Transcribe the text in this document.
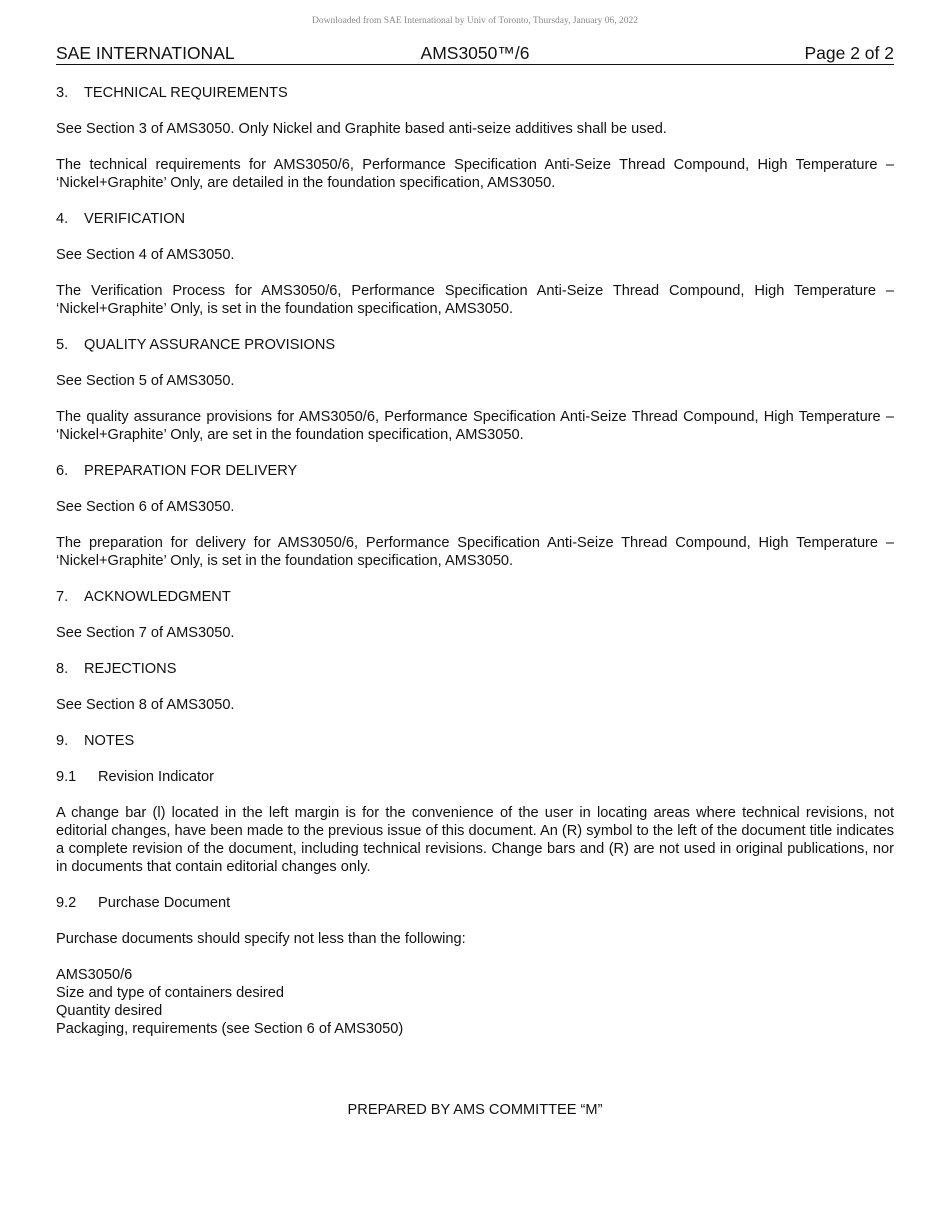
Downloaded from SAE International by Univ of Toronto, Thursday, January 06, 2022
SAE INTERNATIONAL	AMS3050™/6	Page 2 of 2
3. TECHNICAL REQUIREMENTS

See Section 3 of AMS3050. Only Nickel and Graphite based anti-seize additives shall be used.

The technical requirements for AMS3050/6, Performance Specification Anti-Seize Thread Compound, High Temperature – ‘Nickel+Graphite’ Only, are detailed in the foundation specification, AMS3050.

4. VERIFICATION

See Section 4 of AMS3050.

The Verification Process for AMS3050/6, Performance Specification Anti-Seize Thread Compound, High Temperature – ‘Nickel+Graphite’ Only, is set in the foundation specification, AMS3050.

5. QUALITY ASSURANCE PROVISIONS

See Section 5 of AMS3050.

The quality assurance provisions for AMS3050/6, Performance Specification Anti-Seize Thread Compound, High Temperature – ‘Nickel+Graphite’ Only, are set in the foundation specification, AMS3050.

6. PREPARATION FOR DELIVERY

See Section 6 of AMS3050.

The preparation for delivery for AMS3050/6, Performance Specification Anti-Seize Thread Compound, High Temperature – ‘Nickel+Graphite’ Only, is set in the foundation specification, AMS3050.

7. ACKNOWLEDGMENT

See Section 7 of AMS3050.

8. REJECTIONS

See Section 8 of AMS3050.

9. NOTES
9.1 Revision Indicator

A change bar (l) located in the left margin is for the convenience of the user in locating areas where technical revisions, not editorial changes, have been made to the previous issue of this document. An (R) symbol to the left of the document title indicates a complete revision of the document, including technical revisions. Change bars and (R) are not used in original publications, nor in documents that contain editorial changes only.

9.2 Purchase Document

Purchase documents should specify not less than the following:

AMS3050/6
Size and type of containers desired
Quantity desired
Packaging, requirements (see Section 6 of AMS3050)
PREPARED BY AMS COMMITTEE “M”
